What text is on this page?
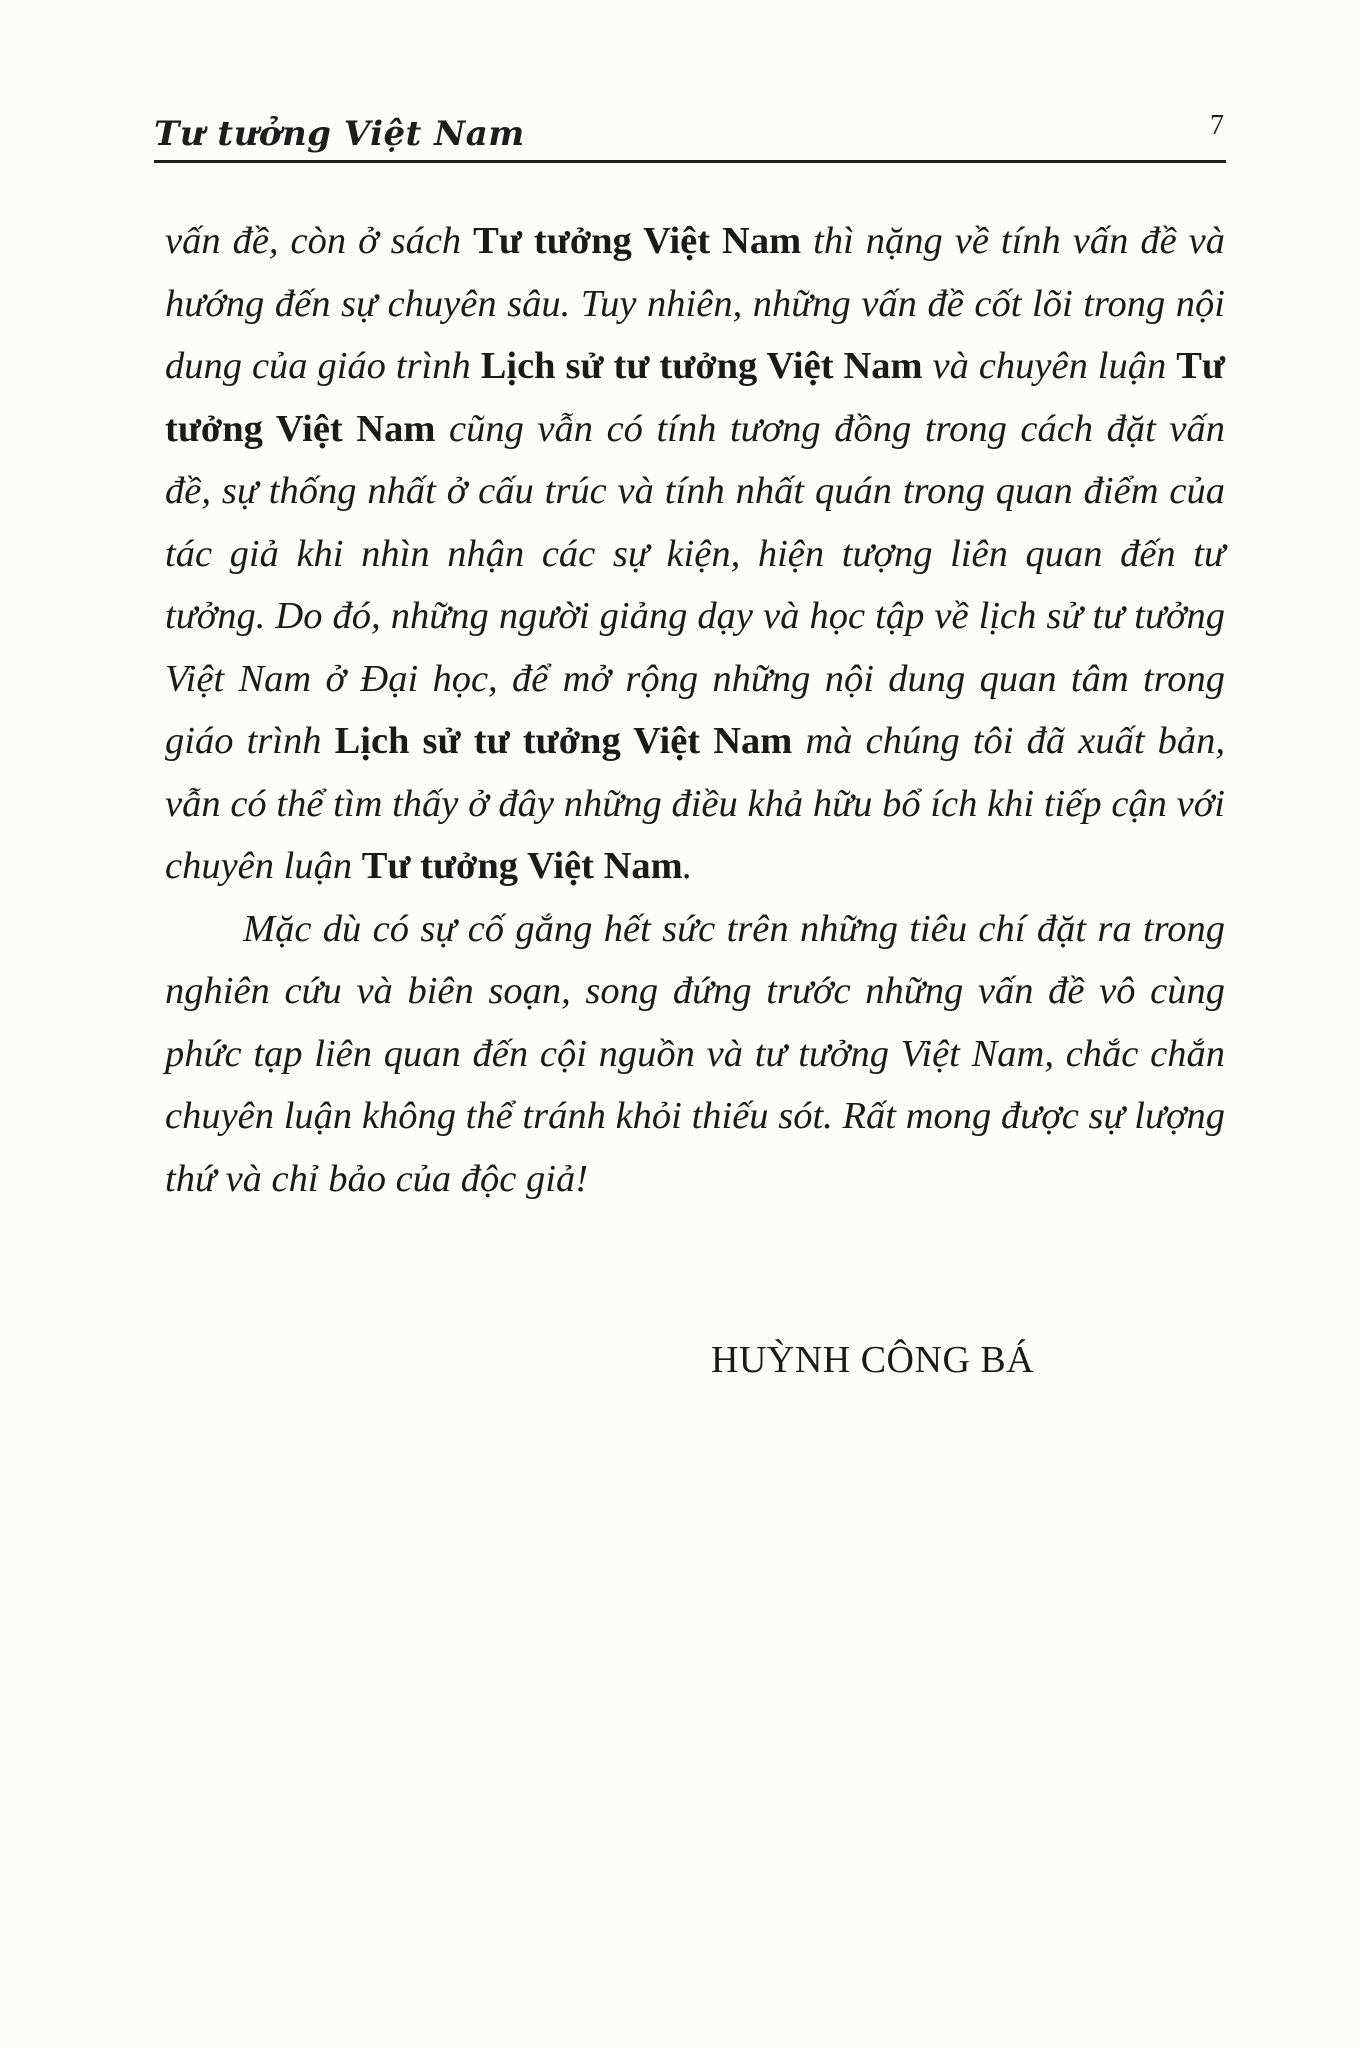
Tư tưởng Việt Nam	7

vấn đề, còn ở sách Tư tưởng Việt Nam thì nặng về tính vấn đề và hướng đến sự chuyên sâu. Tuy nhiên, những vấn đề cốt lõi trong nội dung của giáo trình Lịch sử tư tưởng Việt Nam và chuyên luận Tư tưởng Việt Nam cũng vẫn có tính tương đồng trong cách đặt vấn đề, sự thống nhất ở cấu trúc và tính nhất quán trong quan điểm của tác giả khi nhìn nhận các sự kiện, hiện tượng liên quan đến tư tưởng. Do đó, những người giảng dạy và học tập về lịch sử tư tưởng Việt Nam ở Đại học, để mở rộng những nội dung quan tâm trong giáo trình Lịch sử tư tưởng Việt Nam mà chúng tôi đã xuất bản, vẫn có thể tìm thấy ở đây những điều khả hữu bổ ích khi tiếp cận với chuyên luận Tư tưởng Việt Nam.

Mặc dù có sự cố gắng hết sức trên những tiêu chí đặt ra trong nghiên cứu và biên soạn, song đứng trước những vấn đề vô cùng phức tạp liên quan đến cội nguồn và tư tưởng Việt Nam, chắc chắn chuyên luận không thể tránh khỏi thiếu sót. Rất mong được sự lượng thứ và chỉ bảo của độc giả!

HUỲNH CÔNG BÁ
